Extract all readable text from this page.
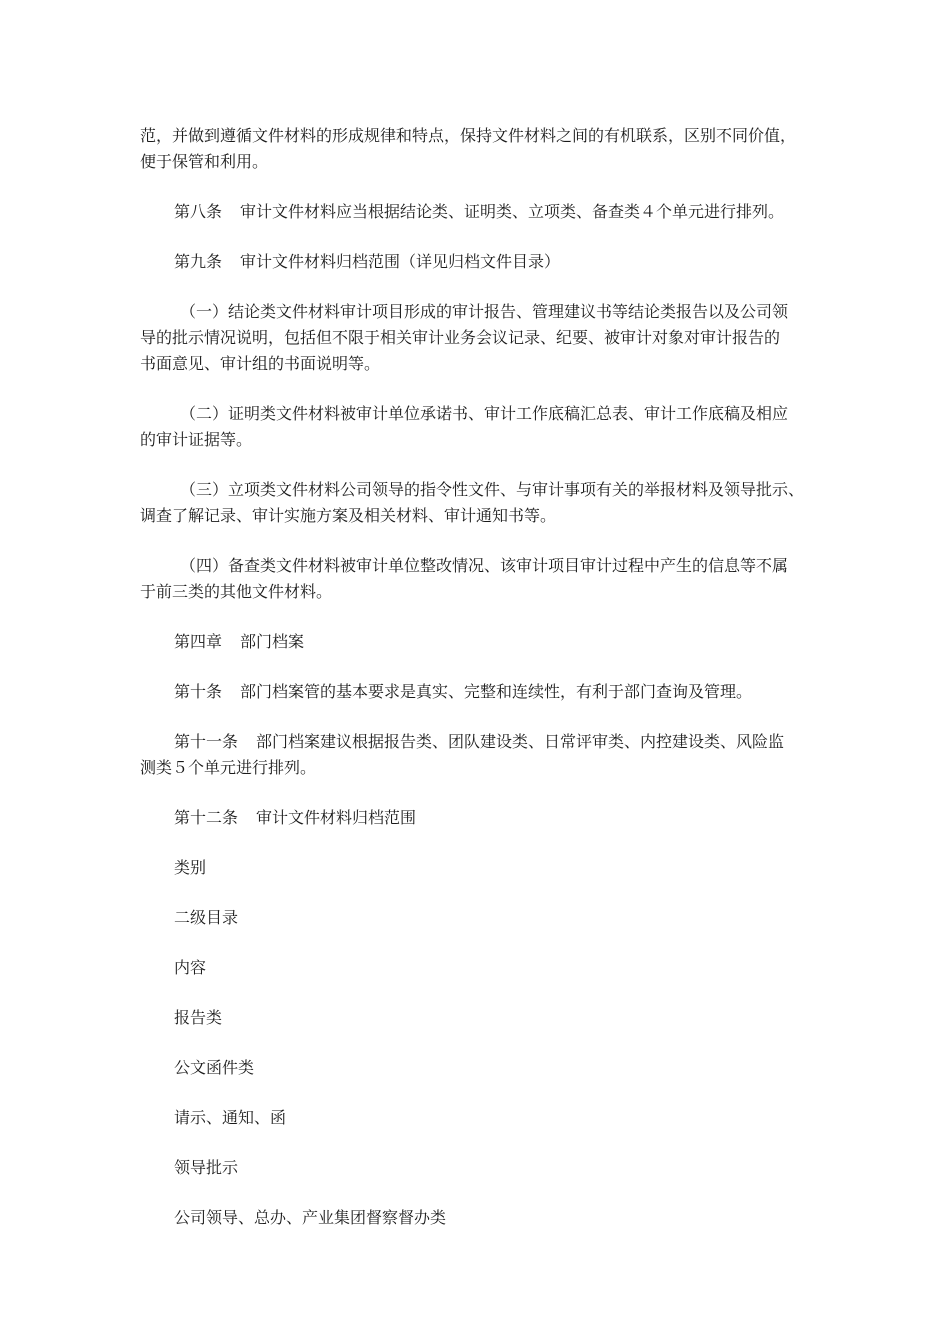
范，并做到遵循文件材料的形成规律和特点，保持文件材料之间的有机联系，区别不同价值，
便于保管和利用。

第八条 审计文件材料应当根据结论类、证明类、立项类、备查类４个单元进行排列。

第九条 审计文件材料归档范围（详见归档文件目录）

（一）结论类文件材料审计项目形成的审计报告、管理建议书等结论类报告以及公司领
导的批示情况说明，包括但不限于相关审计业务会议记录、纪要、被审计对象对审计报告的
书面意见、审计组的书面说明等。

（二）证明类文件材料被审计单位承诺书、审计工作底稿汇总表、审计工作底稿及相应
的审计证据等。

（三）立项类文件材料公司领导的指令性文件、与审计事项有关的举报材料及领导批示、
调查了解记录、审计实施方案及相关材料、审计通知书等。

（四）备查类文件材料被审计单位整改情况、该审计项目审计过程中产生的信息等不属
于前三类的其他文件材料。

第四章 部门档案

第十条 部门档案管的基本要求是真实、完整和连续性，有利于部门查询及管理。

第十一条 部门档案建议根据报告类、团队建设类、日常评审类、内控建设类、风险监
测类５个单元进行排列。

第十二条 审计文件材料归档范围

类别

二级目录

内容

报告类

公文函件类

请示、通知、函

领导批示

公司领导、总办、产业集团督察督办类
